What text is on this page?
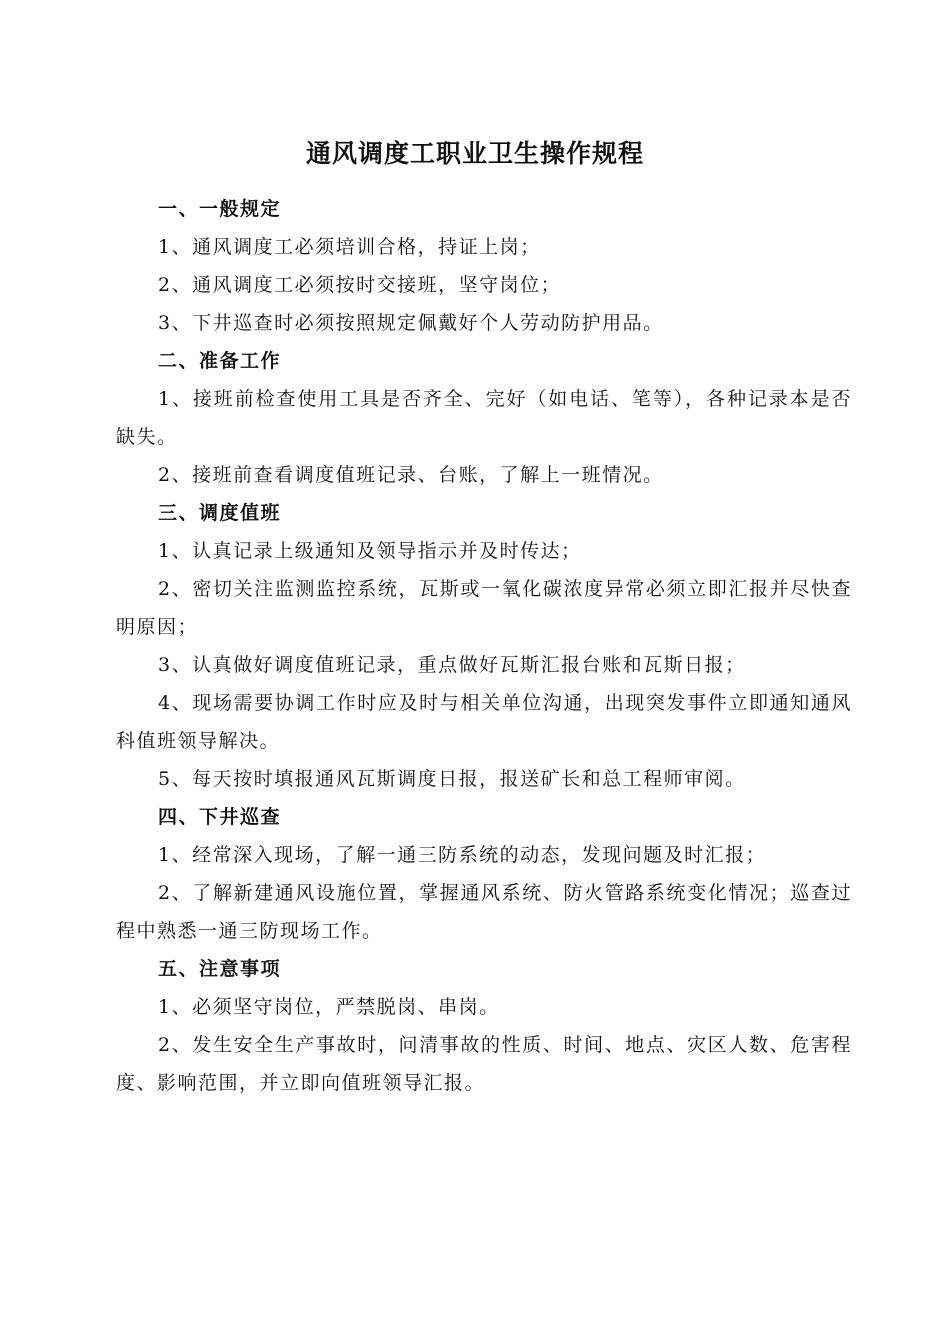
通风调度工职业卫生操作规程
一、一般规定

1、通风调度工必须培训合格，持证上岗；

2、通风调度工必须按时交接班，坚守岗位；

3、下井巡查时必须按照规定佩戴好个人劳动防护用品。

二、准备工作

1、接班前检查使用工具是否齐全、完好（如电话、笔等），各种记录本是否缺失。

2、接班前查看调度值班记录、台账，了解上一班情况。

三、调度值班

1、认真记录上级通知及领导指示并及时传达；

2、密切关注监测监控系统，瓦斯或一氧化碳浓度异常必须立即汇报并尽快查明原因；

3、认真做好调度值班记录，重点做好瓦斯汇报台账和瓦斯日报；

4、现场需要协调工作时应及时与相关单位沟通，出现突发事件立即通知通风科值班领导解决。

5、每天按时填报通风瓦斯调度日报，报送矿长和总工程师审阅。

四、下井巡查

1、经常深入现场，了解一通三防系统的动态，发现问题及时汇报；

2、了解新建通风设施位置，掌握通风系统、防火管路系统变化情况；巡查过程中熟悉一通三防现场工作。

五、注意事项

1、必须坚守岗位，严禁脱岗、串岗。

2、发生安全生产事故时，问清事故的性质、时间、地点、灾区人数、危害程度、影响范围，并立即向值班领导汇报。
